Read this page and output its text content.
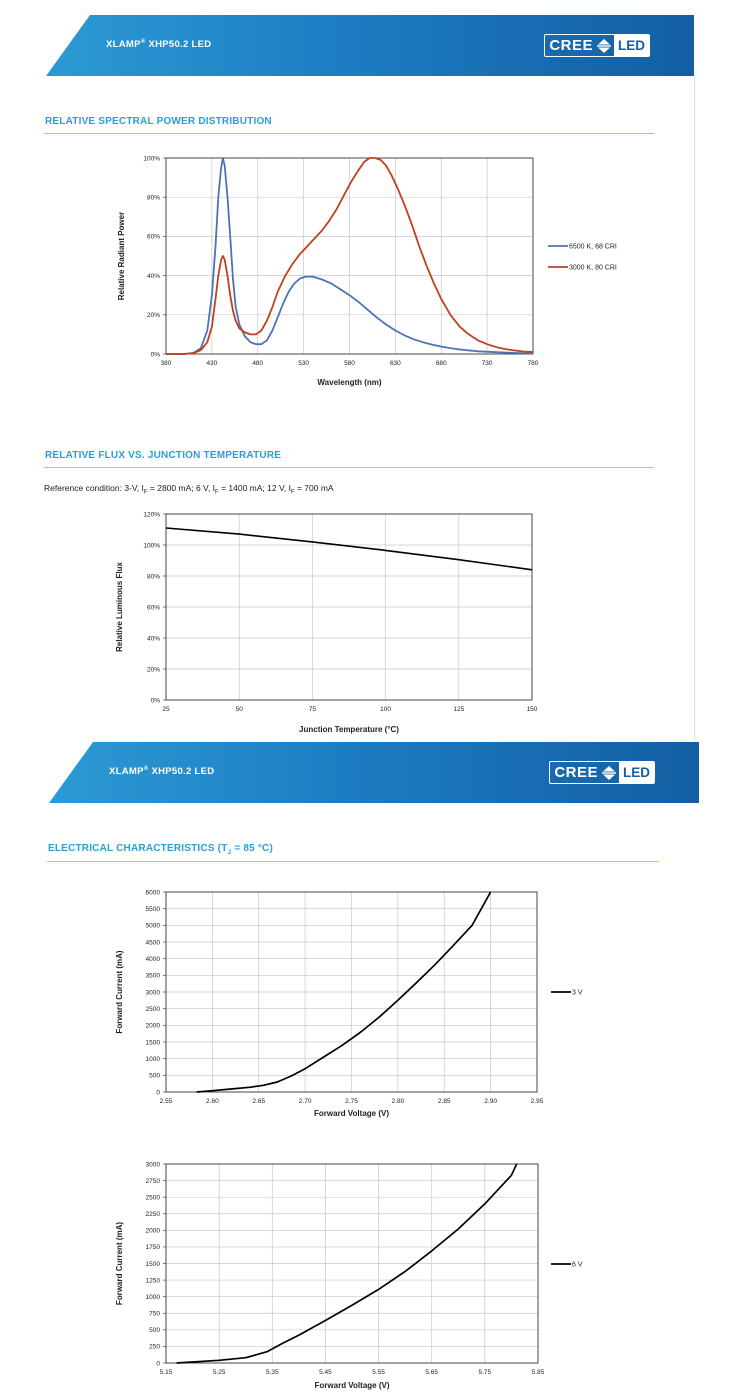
XLAMP® XHP50.2 LED	CREE LED
RELATIVE SPECTRAL POWER DISTRIBUTION
380	430	480	530	580	630	680	730	780
0%
20%
40%
60%
80%
100%
6500 K, 68 CRI
3000 K, 80 CRI
Wavelength (nm)
Relative Radiant Power
25	50	75	100	125	150
0%
20%
40%
60%
80%
100%
120%
Junction Temperature (°C)
Relative Luminous Flux
2.55	2.60	2.65	2.70	2.75	2.80	2.85	2.90	2.95
0
500
1000
1500
2000
2500
3000
3500
4000
4500
5000
5500
6000
3 V
Forward Voltage (V)
Forward Current (mA)
5.15	5.25	5.35	5.45	5.55	5.65	5.75	5.85
0
250
500
750
1000
1250
1500
1750
2000
2250
2500
2750
3000
6 V
Forward Voltage (V)
Forward Current (mA)
RELATIVE FLUX VS. JUNCTION TEMPERATURE
Reference condition: 3-V, $I_F = 2800$ mA; 6 V, $I_F = 1400$ mA; 12 V, $I_F = 700$ mA
XLAMP® XHP50.2 LED	CREE LED
ELECTRICAL CHARACTERISTICS ($T_J = 85$ °C)
